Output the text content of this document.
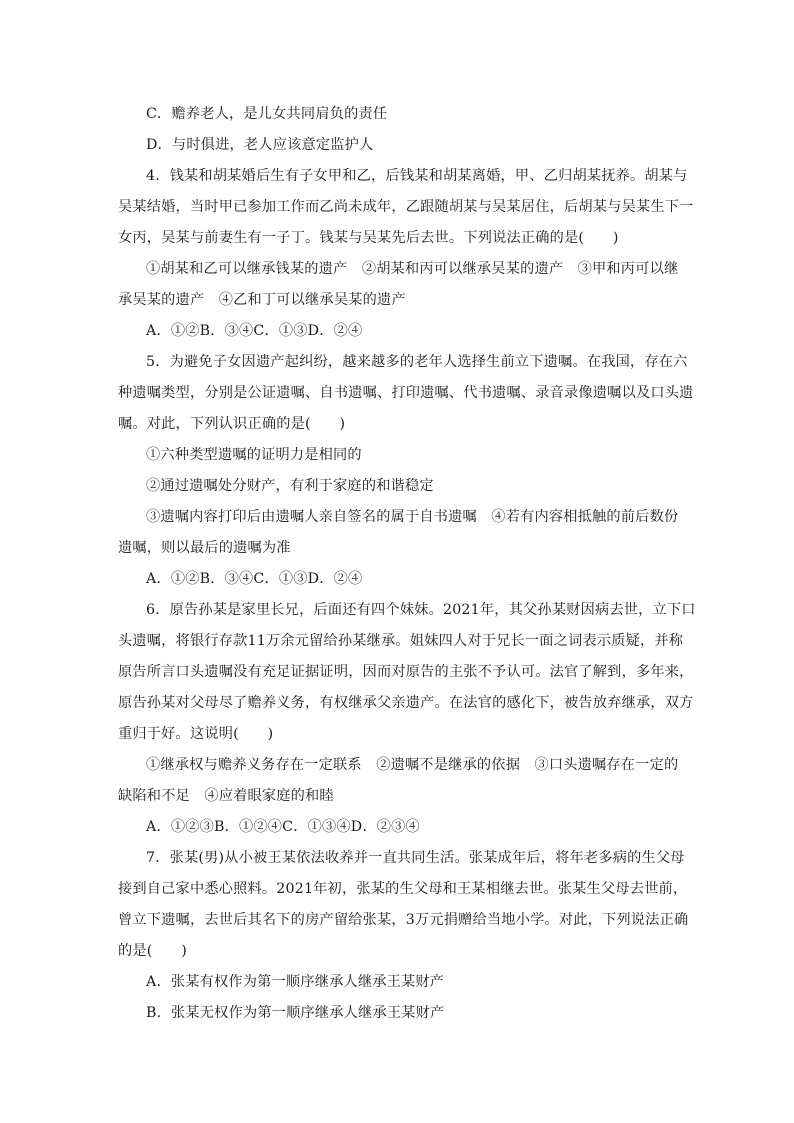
C．赡养老人，是儿女共同肩负的责任
D．与时俱进，老人应该意定监护人
4．钱某和胡某婚后生有子女甲和乙，后钱某和胡某离婚，甲、乙归胡某抚养。胡某与
吴某结婚，当时甲已参加工作而乙尚未成年，乙跟随胡某与吴某居住，后胡某与吴某生下一
女丙，吴某与前妻生有一子丁。钱某与吴某先后去世。下列说法正确的是(　　)
①胡某和乙可以继承钱某的遗产　②胡某和丙可以继承吴某的遗产　③甲和丙可以继
承吴某的遗产　④乙和丁可以继承吴某的遗产
A．①②B．③④C．①③D．②④
5．为避免子女因遗产起纠纷，越来越多的老年人选择生前立下遗嘱。在我国，存在六
种遗嘱类型，分别是公证遗嘱、自书遗嘱、打印遗嘱、代书遗嘱、录音录像遗嘱以及口头遗
嘱。对此，下列认识正确的是(　　)
①六种类型遗嘱的证明力是相同的
②通过遗嘱处分财产，有利于家庭的和谐稳定
③遗嘱内容打印后由遗嘱人亲自签名的属于自书遗嘱　④若有内容相抵触的前后数份
遗嘱，则以最后的遗嘱为准
A．①②B．③④C．①③D．②④
6．原告孙某是家里长兄，后面还有四个妹妹。2021年，其父孙某财因病去世，立下口
头遗嘱，将银行存款11万余元留给孙某继承。姐妹四人对于兄长一面之词表示质疑，并称
原告所言口头遗嘱没有充足证据证明，因而对原告的主张不予认可。法官了解到，多年来，
原告孙某对父母尽了赡养义务，有权继承父亲遗产。在法官的感化下，被告放弃继承，双方
重归于好。这说明(　　)
①继承权与赡养义务存在一定联系　②遗嘱不是继承的依据　③口头遗嘱存在一定的
缺陷和不足　④应着眼家庭的和睦
A．①②③B．①②④C．①③④D．②③④
7．张某(男)从小被王某依法收养并一直共同生活。张某成年后，将年老多病的生父母
接到自己家中悉心照料。2021年初，张某的生父母和王某相继去世。张某生父母去世前，
曾立下遗嘱，去世后其名下的房产留给张某，3万元捐赠给当地小学。对此，下列说法正确
的是(　　)
A．张某有权作为第一顺序继承人继承王某财产
B．张某无权作为第一顺序继承人继承王某财产
